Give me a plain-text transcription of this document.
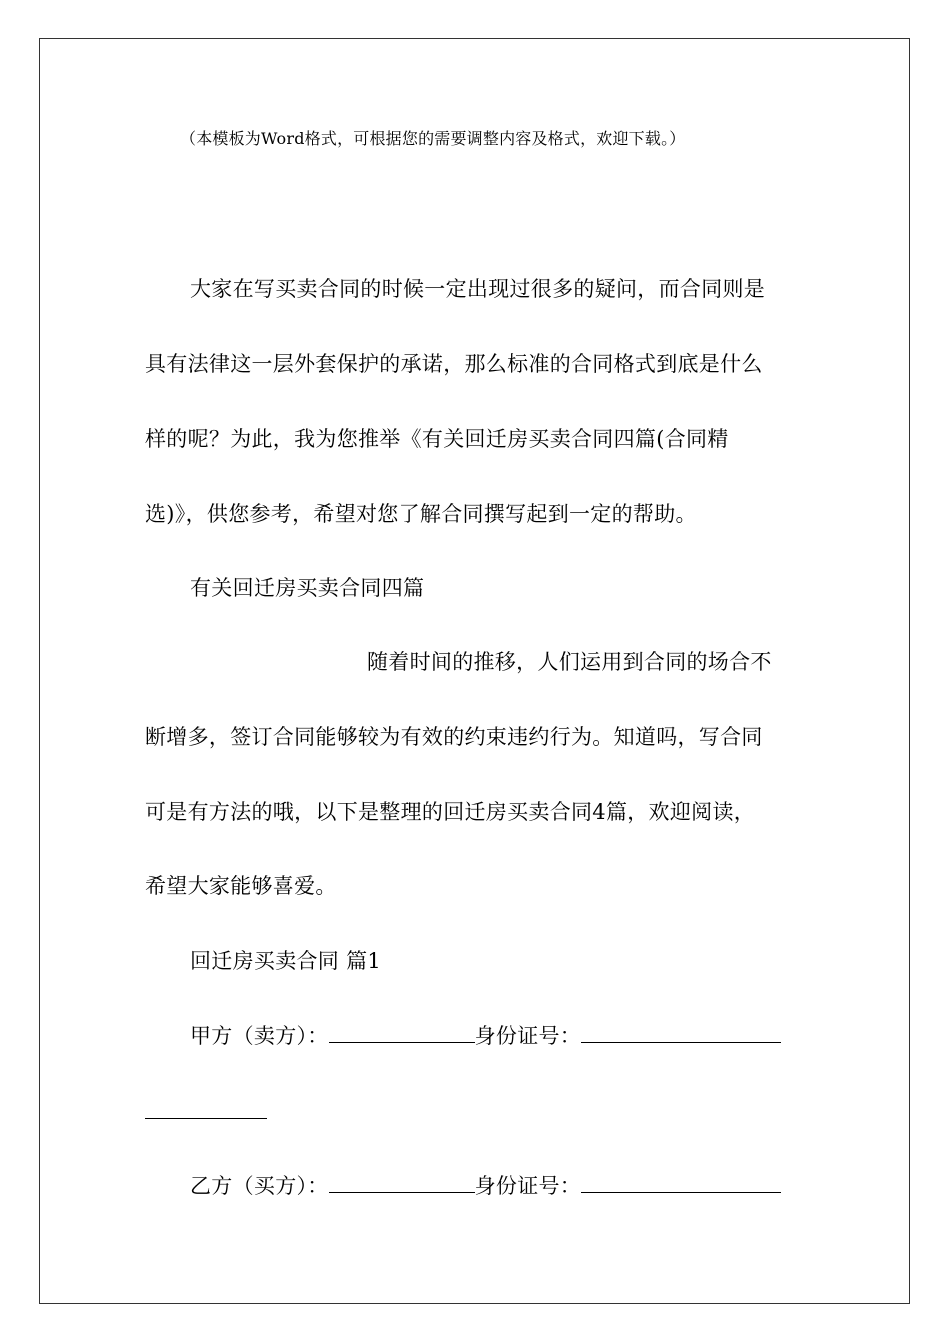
（本模板为Word格式，可根据您的需要调整内容及格式，欢迎下载。）
大家在写买卖合同的时候一定出现过很多的疑问，而合同则是
具有法律这一层外套保护的承诺，那么标准的合同格式到底是什么
样的呢？为此，我为您推举《有关回迁房买卖合同四篇(合同精
选)》，供您参考，希望对您了解合同撰写起到一定的帮助。
有关回迁房买卖合同四篇
随着时间的推移，人们运用到合同的场合不
断增多，签订合同能够较为有效的约束违约行为。知道吗，写合同
可是有方法的哦，以下是整理的回迁房买卖合同4篇，欢迎阅读，
希望大家能够喜爱。
回迁房买卖合同 篇1
甲方（卖方）：	身份证号：
乙方（买方）：	身份证号：
